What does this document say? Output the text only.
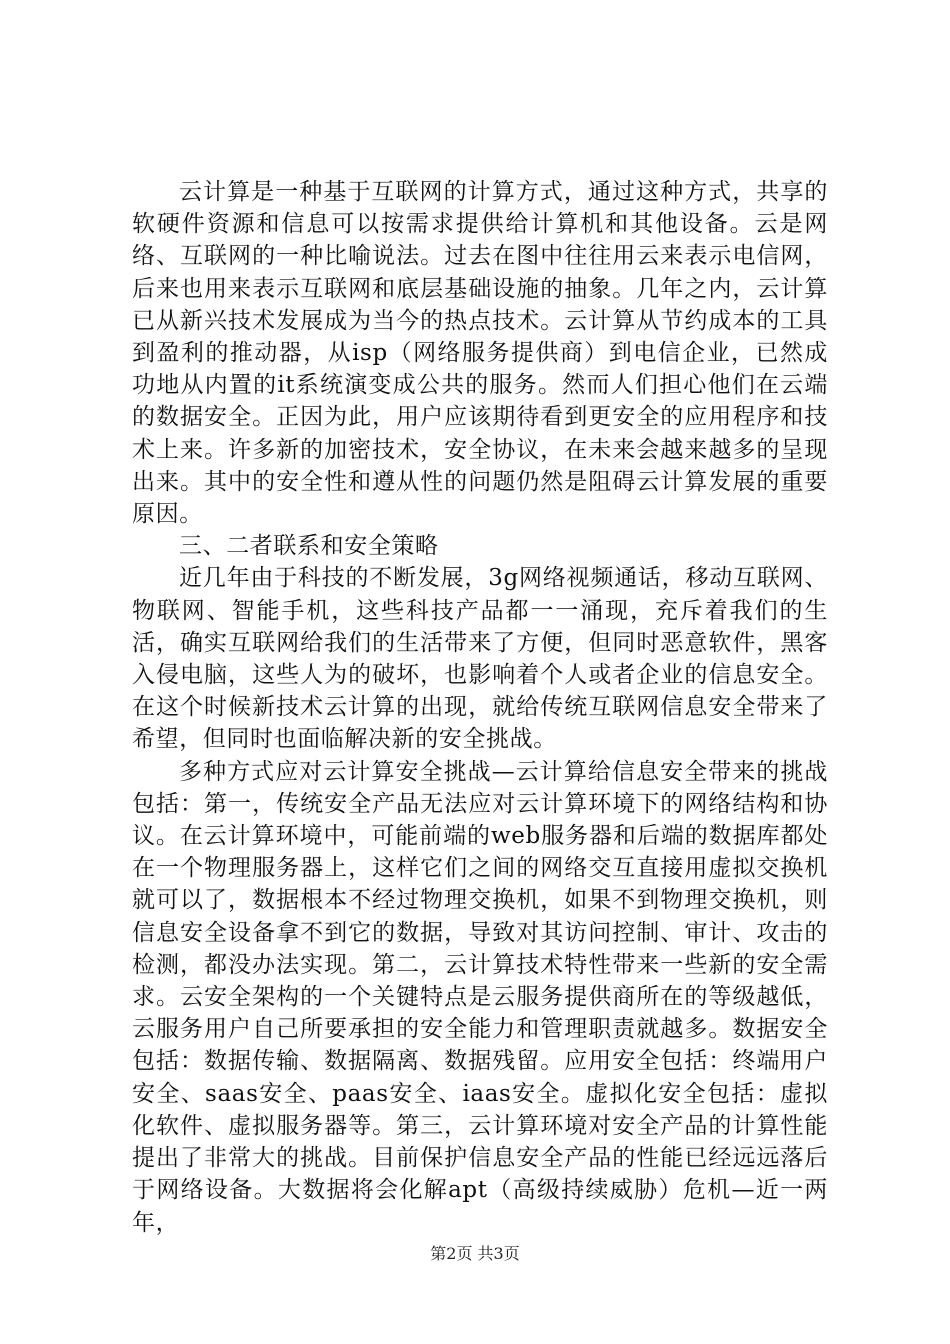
云计算是一种基于互联网的计算方式，通过这种方式，共享的软硬件资源和信息可以按需求提供给计算机和其他设备。云是网络、互联网的一种比喻说法。过去在图中往往用云来表示电信网，后来也用来表示互联网和底层基础设施的抽象。几年之内，云计算已从新兴技术发展成为当今的热点技术。云计算从节约成本的工具到盈利的推动器，从isp（网络服务提供商）到电信企业，已然成功地从内置的it系统演变成公共的服务。然而人们担心他们在云端的数据安全。正因为此，用户应该期待看到更安全的应用程序和技术上来。许多新的加密技术，安全协议，在未来会越来越多的呈现出来。其中的安全性和遵从性的问题仍然是阻碍云计算发展的重要原因。

三、二者联系和安全策略

近几年由于科技的不断发展，3g网络视频通话，移动互联网、物联网、智能手机，这些科技产品都一一涌现，充斥着我们的生活，确实互联网给我们的生活带来了方便，但同时恶意软件，黑客入侵电脑，这些人为的破坏，也影响着个人或者企业的信息安全。在这个时候新技术云计算的出现，就给传统互联网信息安全带来了希望，但同时也面临解决新的安全挑战。

多种方式应对云计算安全挑战—云计算给信息安全带来的挑战包括：第一，传统安全产品无法应对云计算环境下的网络结构和协议。在云计算环境中，可能前端的web服务器和后端的数据库都处在一个物理服务器上，这样它们之间的网络交互直接用虚拟交换机就可以了，数据根本不经过物理交换机，如果不到物理交换机，则信息安全设备拿不到它的数据，导致对其访问控制、审计、攻击的检测，都没办法实现。第二，云计算技术特性带来一些新的安全需求。云安全架构的一个关键特点是云服务提供商所在的等级越低，云服务用户自己所要承担的安全能力和管理职责就越多。数据安全包括：数据传输、数据隔离、数据残留。应用安全包括：终端用户安全、saas安全、paas安全、iaas安全。虚拟化安全包括：虚拟化软件、虚拟服务器等。第三，云计算环境对安全产品的计算性能提出了非常大的挑战。目前保护信息安全产品的性能已经远远落后于网络设备。大数据将会化解apt（高级持续威胁）危机—近一两年，

第2页 共3页
